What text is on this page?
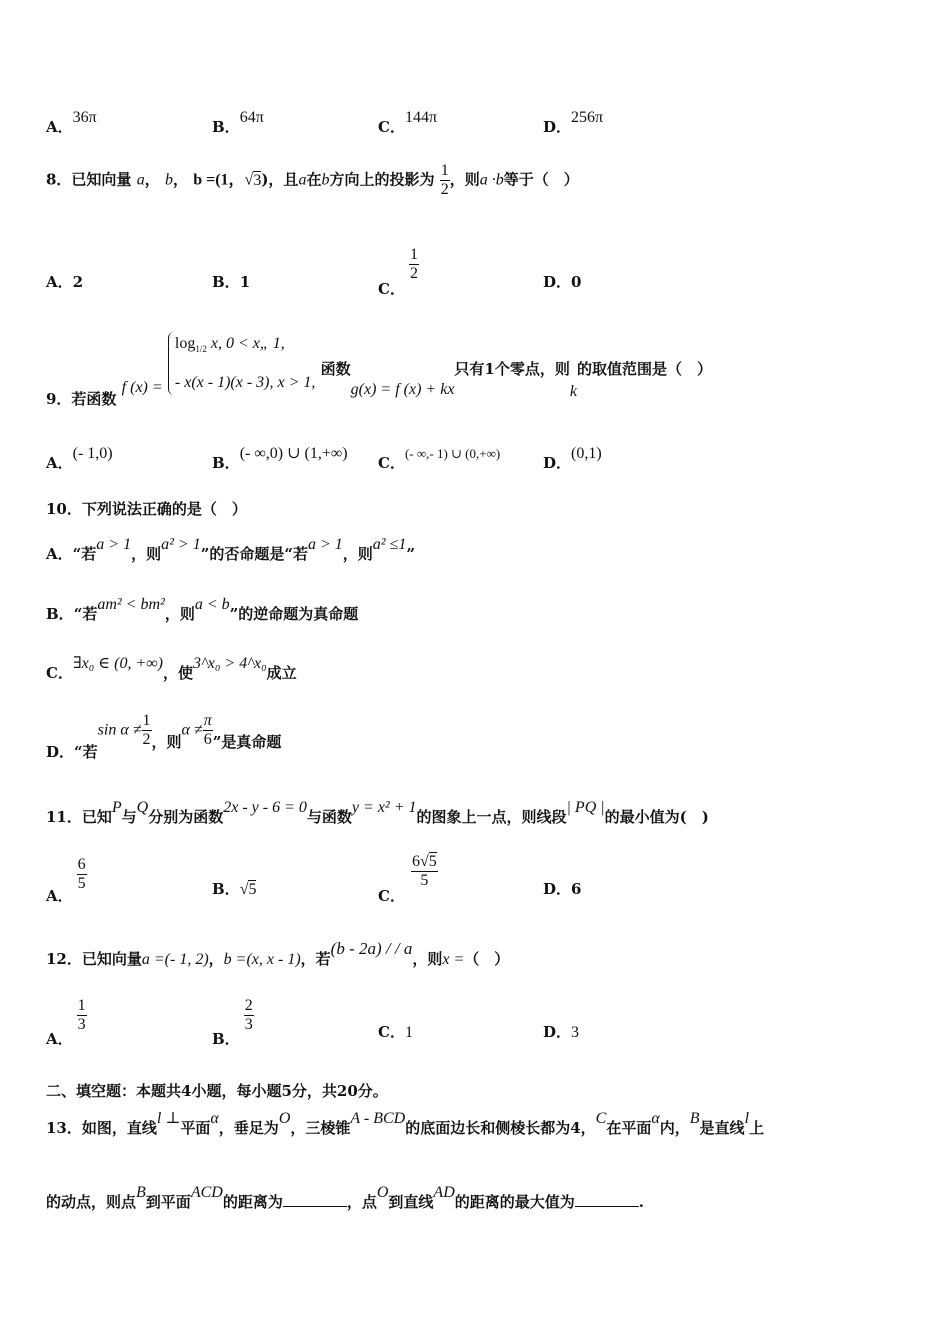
A．36π
B．64π
C．144π
D．256π
8．已知向量 a， b， b =(1，√3)，且a在b方向上的投影为 $\frac{1}{2}$ ，则a ·b等于（　）
A．2	B．1	C．
$\frac{1}{2}$	D．0
9．若函数 f (x) =
$\log_{1/2} x$, 0 < x„ 1,
- x(x - 1)(x - 3), x > 1,
函数g(x) = f (x) + kx只有1个零点，则k的取值范围是（　）
A．(- 1,0)
B．(- ∞,0) ∪ (1,+∞)
C．(- ∞,- 1) ∪ (0,+∞)
D．(0,1)
10．下列说法正确的是（　）
A．“若a > 1，则a² > 1”的否命题是“若a > 1，则a² ≤1”
B．“若am² < bm²，则a < b”的逆命题为真命题
C．∃x₀ ∈ (0, +∞)，使3^x₀ > 4^x₀成立
D．“若$\sin \alpha \ne \frac{1}{2}$ ，则$\alpha \ne \frac{\pi}{6}$ ”是真命题
11．已知P与Q分别为函数2x - y - 6 = 0与函数y = x² + 1的图象上一点，则线段| PQ |的最小值为(　)
A．
$\frac{6}{5}$	B．√5	C．
$\frac{6√5}{5}$	D．6
12．已知向量a =(- 1, 2)，b =(x, x - 1)，若(b - 2a) / / a，则x =（　）
A．
$\frac{1}{3}$
B．
$\frac{2}{3}$	C．1	D．3
二、填空题：本题共4小题，每小题5分，共20分。
13．如图，直线l ⊥平面α，垂足为O，三棱锥A - BCD的底面边长和侧棱长都为4，C在平面α内，B是直线l上
的动点，则点B到平面ACD的距离为	，点O到直线AD的距离的最大值为	.
